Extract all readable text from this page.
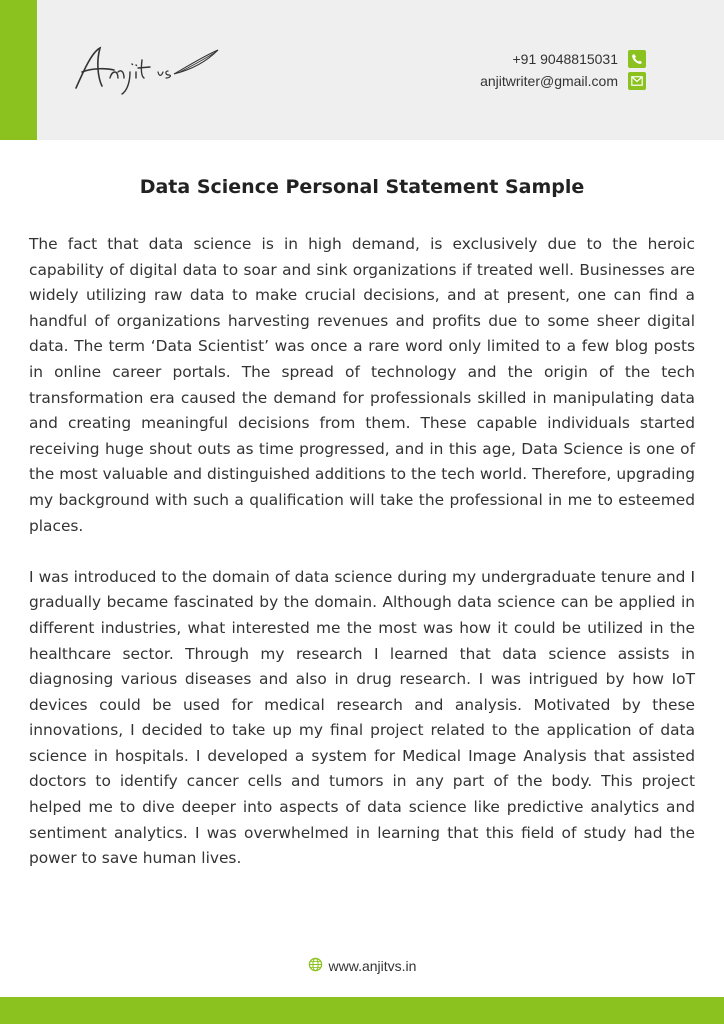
+91 9048815031
anjitwriter@gmail.com
Data Science Personal Statement Sample

The fact that data science is in high demand, is exclusively due to the heroic capability of digital data to soar and sink organizations if treated well. Businesses are widely utilizing raw data to make crucial decisions, and at present, one can find a handful of organizations harvesting revenues and profits due to some sheer digital data. The term ‘Data Scientist’ was once a rare word only limited to a few blog posts in online career portals. The spread of technology and the origin of the tech transformation era caused the demand for professionals skilled in manipulating data and creating meaningful decisions from them. These capable individuals started receiving huge shout outs as time progressed, and in this age, Data Science is one of the most valuable and distinguished additions to the tech world. Therefore, upgrading my background with such a qualification will take the professional in me to esteemed places.

I was introduced to the domain of data science during my undergraduate tenure and I gradually became fascinated by the domain. Although data science can be applied in different industries, what interested me the most was how it could be utilized in the healthcare sector. Through my research I learned that data science assists in diagnosing various diseases and also in drug research. I was intrigued by how IoT devices could be used for medical research and analysis. Motivated by these innovations, I decided to take up my final project related to the application of data science in hospitals. I developed a system for Medical Image Analysis that assisted doctors to identify cancer cells and tumors in any part of the body. This project helped me to dive deeper into aspects of data science like predictive analytics and sentiment analytics. I was overwhelmed in learning that this field of study had the power to save human lives.

www.anjitvs.in
